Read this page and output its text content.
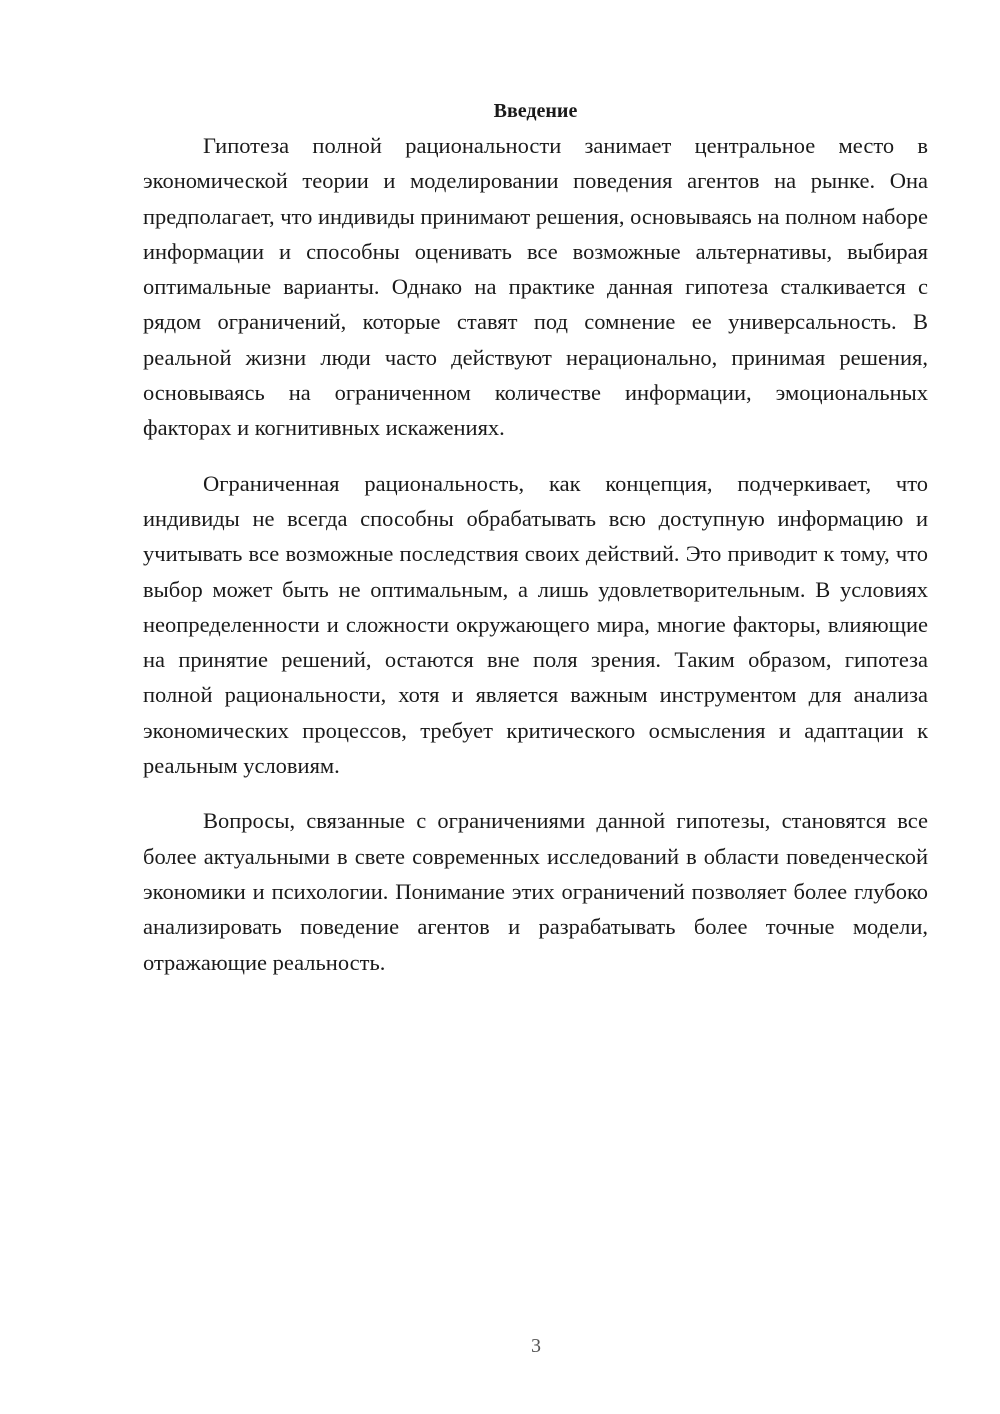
Введение

Гипотеза полной рациональности занимает центральное место в экономической теории и моделировании поведения агентов на рынке. Она предполагает, что индивиды принимают решения, основываясь на полном наборе информации и способны оценивать все возможные альтернативы, выбирая оптимальные варианты. Однако на практике данная гипотеза сталкивается с рядом ограничений, которые ставят под сомнение ее универсальность. В реальной жизни люди часто действуют нерационально, принимая решения, основываясь на ограниченном количестве информации, эмоциональных факторах и когнитивных искажениях.

Ограниченная рациональность, как концепция, подчеркивает, что индивиды не всегда способны обрабатывать всю доступную информацию и учитывать все возможные последствия своих действий. Это приводит к тому, что выбор может быть не оптимальным, а лишь удовлетворительным. В условиях неопределенности и сложности окружающего мира, многие факторы, влияющие на принятие решений, остаются вне поля зрения. Таким образом, гипотеза полной рациональности, хотя и является важным инструментом для анализа экономических процессов, требует критического осмысления и адаптации к реальным условиям.

Вопросы, связанные с ограничениями данной гипотезы, становятся все более актуальными в свете современных исследований в области поведенческой экономики и психологии. Понимание этих ограничений позволяет более глубоко анализировать поведение агентов и разрабатывать более точные модели, отражающие реальность.

3
